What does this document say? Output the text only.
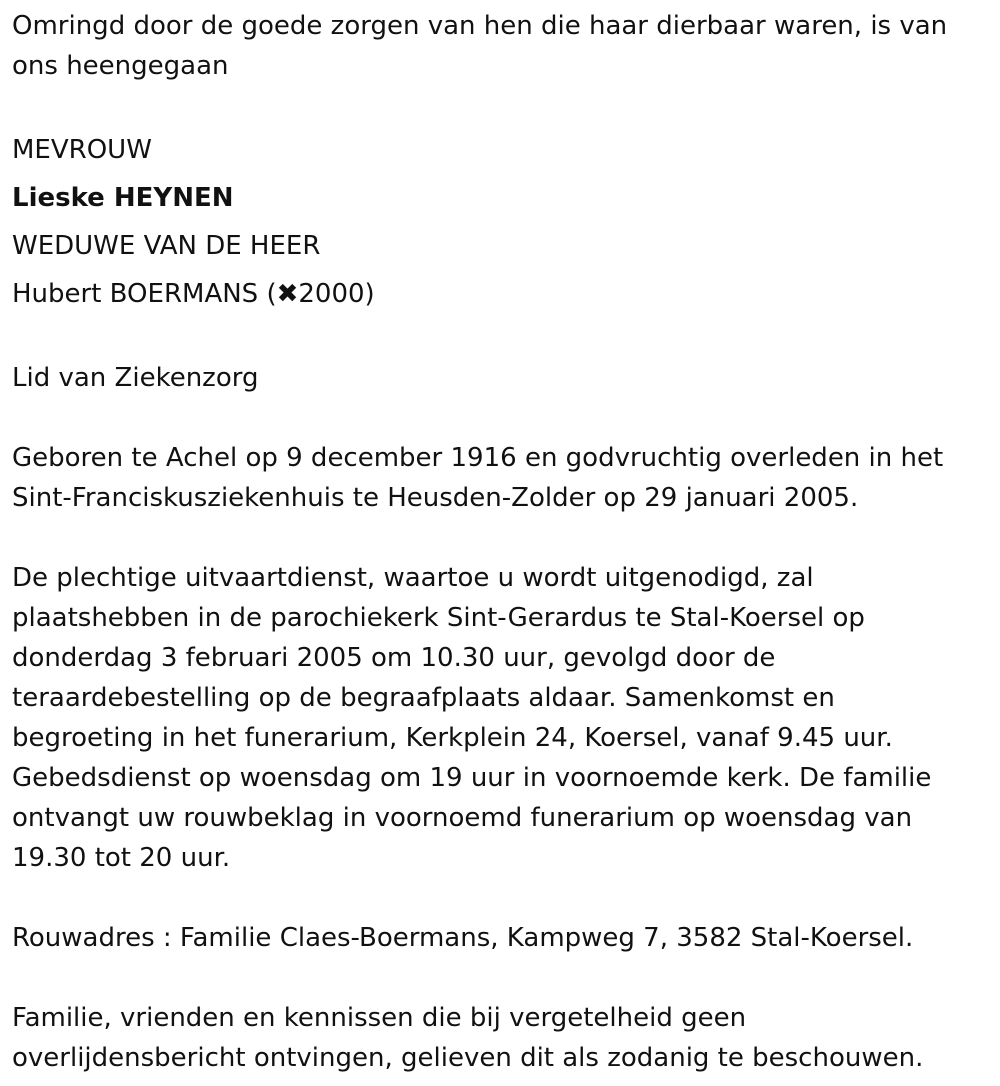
Omringd door de goede zorgen van hen die haar dierbaar waren, is van
ons heengegaan

MEVROUW
Lieske HEYNEN
WEDUWE VAN DE HEER
Hubert BOERMANS (✖2000)

Lid van Ziekenzorg

Geboren te Achel op 9 december 1916 en godvruchtig overleden in het
Sint-Franciskusziekenhuis te Heusden-Zolder op 29 januari 2005.

De plechtige uitvaartdienst, waartoe u wordt uitgenodigd, zal
plaatshebben in de parochiekerk Sint-Gerardus te Stal-Koersel op
donderdag 3 februari 2005 om 10.30 uur, gevolgd door de
teraardebestelling op de begraafplaats aldaar. Samenkomst en
begroeting in het funerarium, Kerkplein 24, Koersel, vanaf 9.45 uur.
Gebedsdienst op woensdag om 19 uur in voornoemde kerk. De familie
ontvangt uw rouwbeklag in voornoemd funerarium op woensdag van
19.30 tot 20 uur.

Rouwadres : Familie Claes-Boermans, Kampweg 7, 3582 Stal-Koersel.

Familie, vrienden en kennissen die bij vergetelheid geen
overlijdensbericht ontvingen, gelieven dit als zodanig te beschouwen.
